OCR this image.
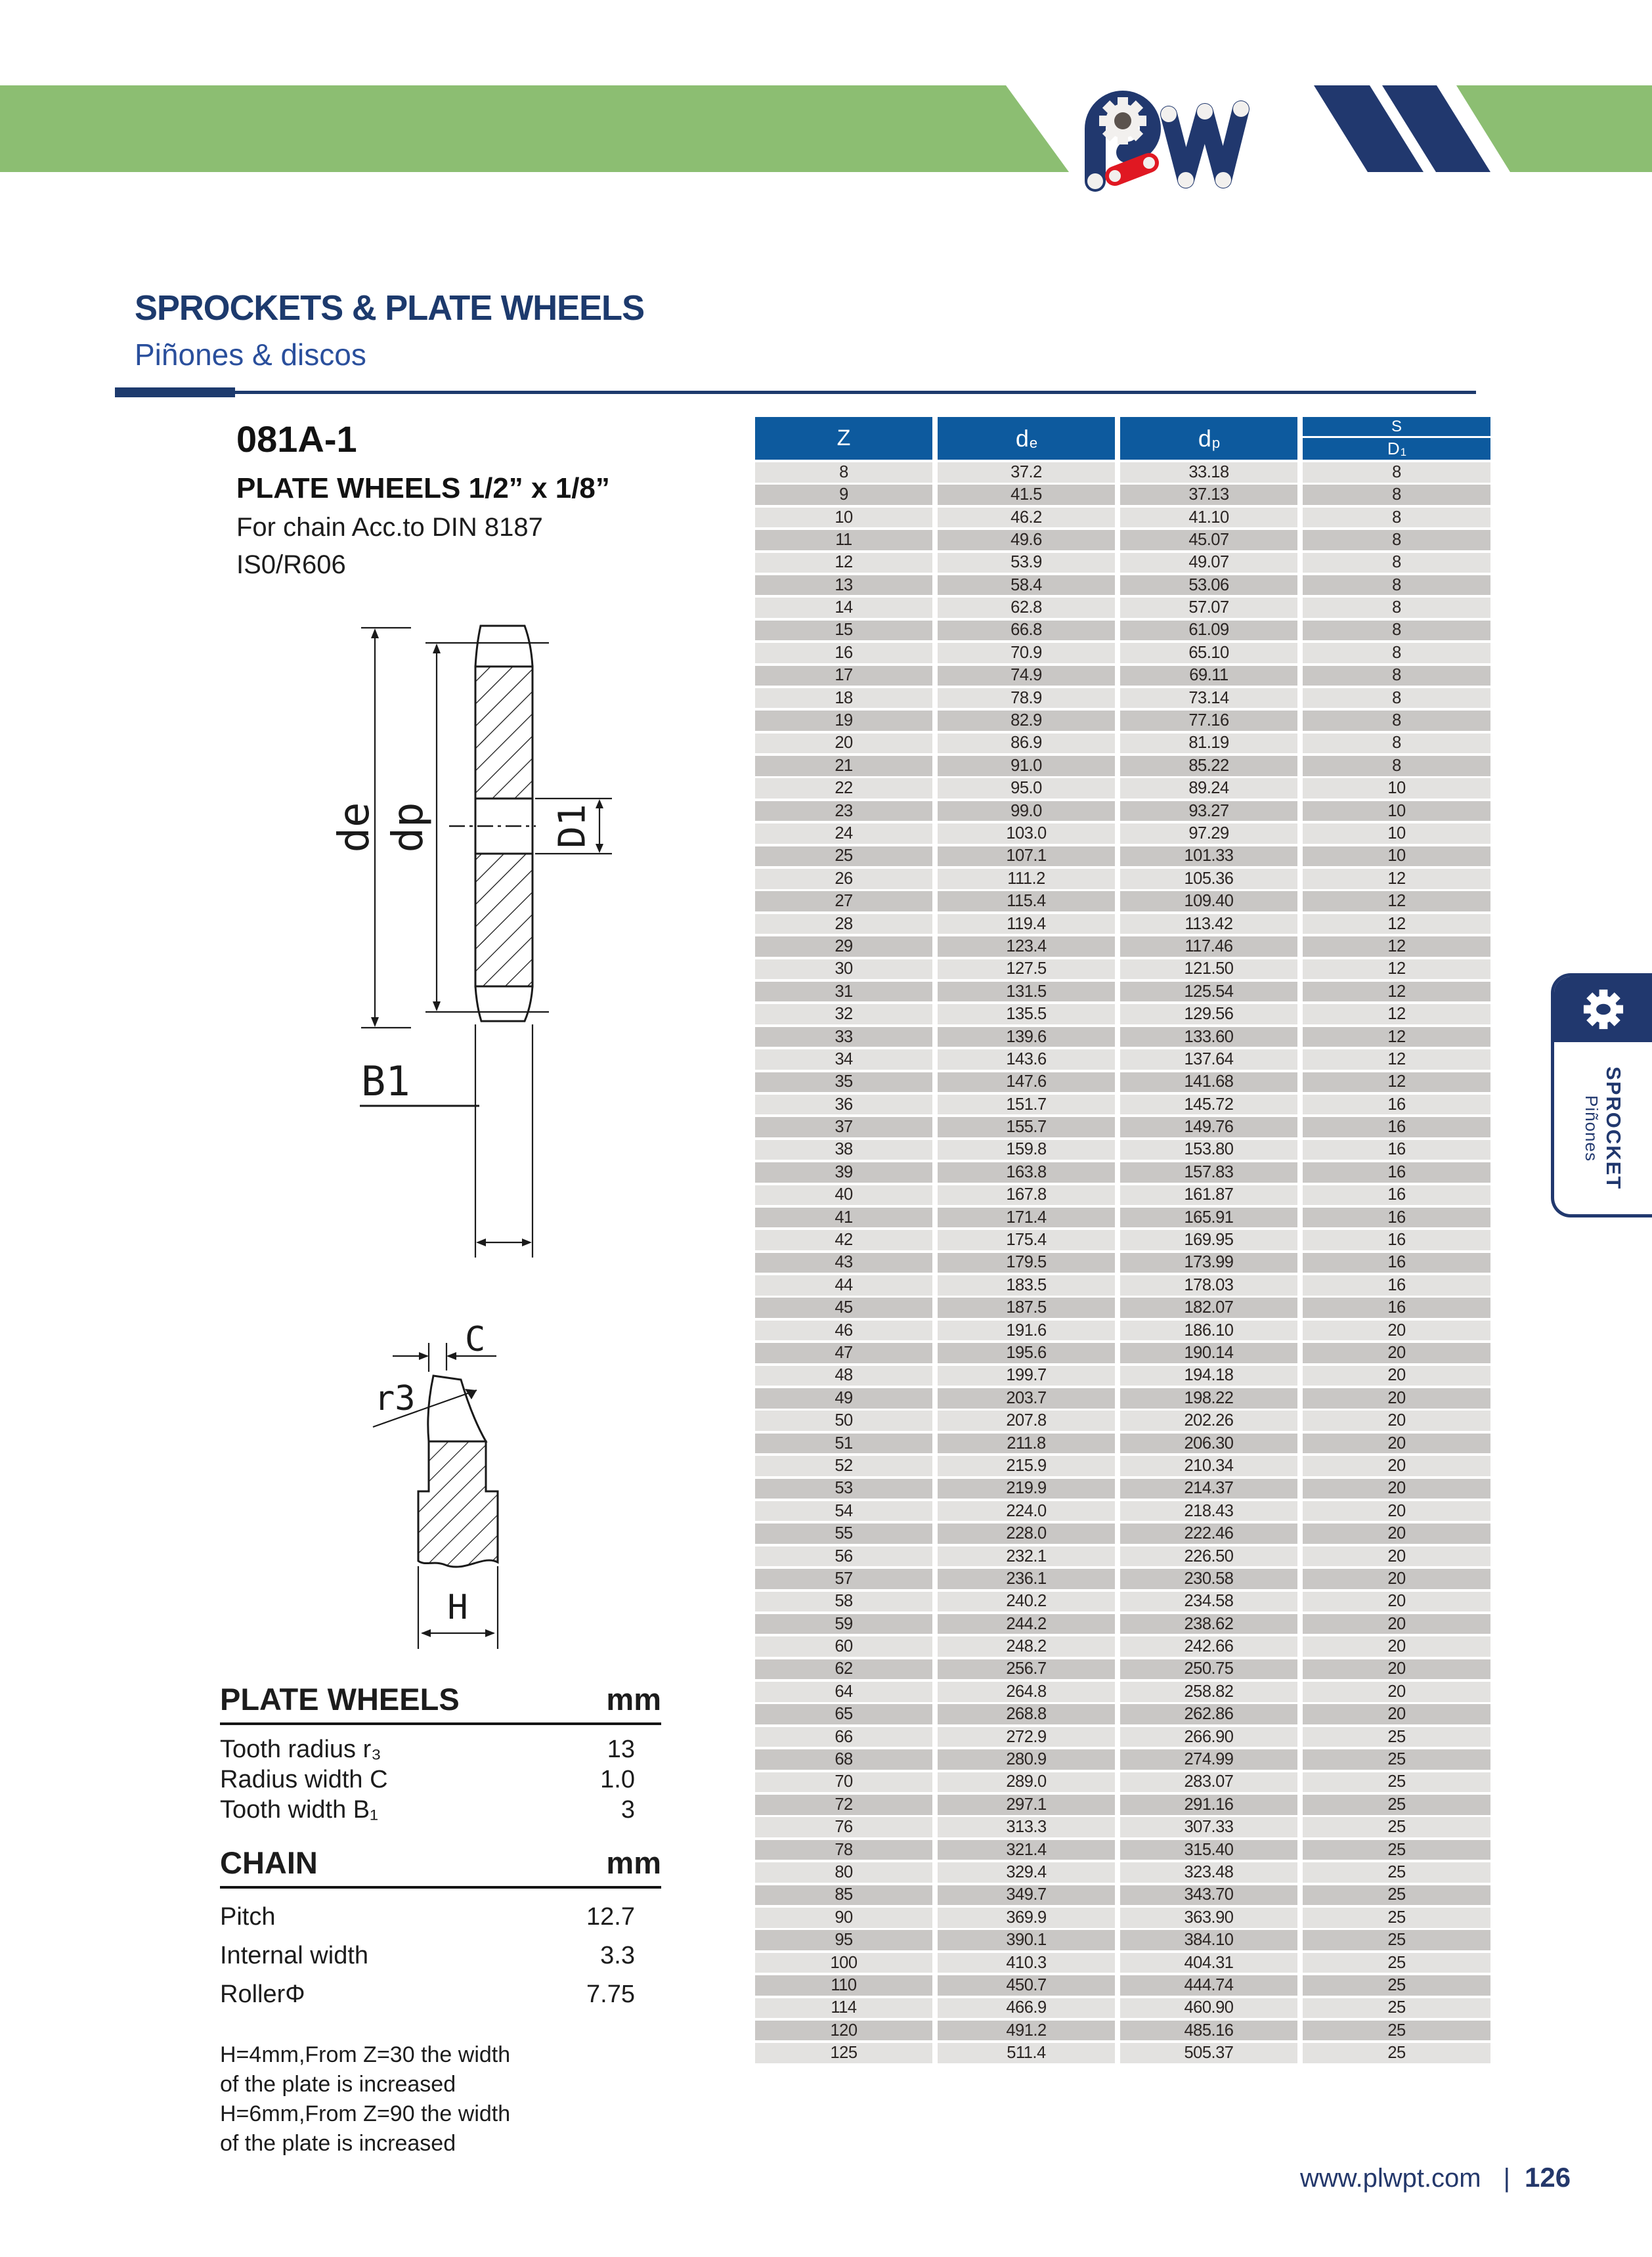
SPROCKETS & PLATE WHEELS
Piñones & discos
081A-1
PLATE WHEELS 1/2” x 1/8”
For chain Acc.to DIN 8187
IS0/R606
de dp	D1
B1
C
r3
H
PLATE WHEELS	mm
Tooth radius r₃	13
Radius width C	1.0
Tooth width B₁	3
CHAIN	mm
Pitch	12.7
Internal width	3.3
RollerΦ	7.75
H=4mm,From Z=30 the width
of the plate is increased
H=6mm,From Z=90 the width
of the plate is increased
Z	$d_e$	$d_p$
S
$D_1$
8	37.2	33.18	8
9	41.5	37.13	8
10	46.2	41.10	8
11	49.6	45.07	8
12	53.9	49.07	8
13	58.4	53.06	8
14	62.8	57.07	8
15	66.8	61.09	8
16	70.9	65.10	8
17	74.9	69.11	8
18	78.9	73.14	8
19	82.9	77.16	8
20	86.9	81.19	8
21	91.0	85.22	8
22	95.0	89.24	10
23	99.0	93.27	10
24	103.0	97.29	10
25	107.1	101.33	10
26	111.2	105.36	12
27	115.4	109.40	12
28	119.4	113.42	12
29	123.4	117.46	12
30	127.5	121.50	12
31	131.5	125.54	12
32	135.5	129.56	12
33	139.6	133.60	12
34	143.6	137.64	12
35	147.6	141.68	12
36	151.7	145.72	16
37	155.7	149.76	16
38	159.8	153.80	16
39	163.8	157.83	16
40	167.8	161.87	16
41	171.4	165.91	16
42	175.4	169.95	16
43	179.5	173.99	16
44	183.5	178.03	16
45	187.5	182.07	16
46	191.6	186.10	20
47	195.6	190.14	20
48	199.7	194.18	20
49	203.7	198.22	20
50	207.8	202.26	20
51	211.8	206.30	20
52	215.9	210.34	20
53	219.9	214.37	20
54	224.0	218.43	20
55	228.0	222.46	20
56	232.1	226.50	20
57	236.1	230.58	20
58	240.2	234.58	20
59	244.2	238.62	20
60	248.2	242.66	20
62	256.7	250.75	20
64	264.8	258.82	20
65	268.8	262.86	20
66	272.9	266.90	25
68	280.9	274.99	25
70	289.0	283.07	25
72	297.1	291.16	25
76	313.3	307.33	25
78	321.4	315.40	25
80	329.4	323.48	25
85	349.7	343.70	25
90	369.9	363.90	25
95	390.1	384.10	25
100	410.3	404.31	25
110	450.7	444.74	25
114	466.9	460.90	25
120	491.2	485.16	25
125	511.4	505.37	25
SPROCKET Piñones
www.plwpt.com | 126
